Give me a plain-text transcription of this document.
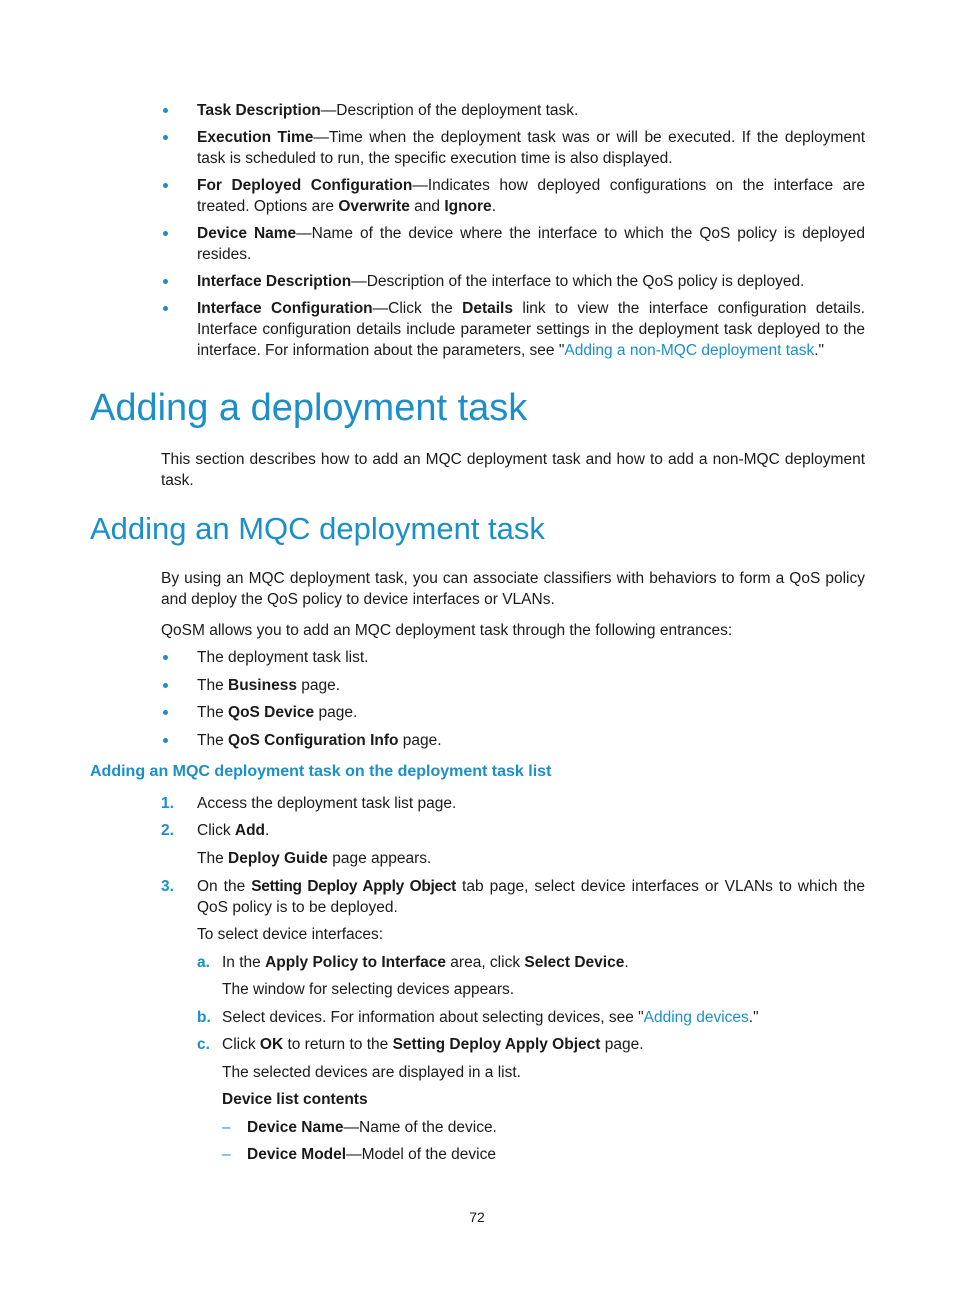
Task Description—Description of the deployment task.
Execution Time—Time when the deployment task was or will be executed. If the deployment task is scheduled to run, the specific execution time is also displayed.
For Deployed Configuration—Indicates how deployed configurations on the interface are treated. Options are Overwrite and Ignore.
Device Name—Name of the device where the interface to which the QoS policy is deployed resides.
Interface Description—Description of the interface to which the QoS policy is deployed.
Interface Configuration—Click the Details link to view the interface configuration details. Interface configuration details include parameter settings in the deployment task deployed to the interface. For information about the parameters, see "Adding a non-MQC deployment task."
Adding a deployment task

This section describes how to add an MQC deployment task and how to add a non-MQC deployment task.

Adding an MQC deployment task

By using an MQC deployment task, you can associate classifiers with behaviors to form a QoS policy and deploy the QoS policy to device interfaces or VLANs.

QoSM allows you to add an MQC deployment task through the following entrances:

The deployment task list.
The Business page.
The QoS Device page.
The QoS Configuration Info page.
Adding an MQC deployment task on the deployment task list
1. Access the deployment task list page.

2. Click Add.

The Deploy Guide page appears.

3. On the Setting Deploy Apply Object tab page, select device interfaces or VLANs to which the QoS policy is to be deployed.

To select device interfaces:

a. In the Apply Policy to Interface area, click Select Device.

The window for selecting devices appears.

b. Select devices. For information about selecting devices, see "Adding devices."

c. Click OK to return to the Setting Deploy Apply Object page.

The selected devices are displayed in a list.

Device list contents

– Device Name—Name of the device.

– Device Model—Model of the device

72
